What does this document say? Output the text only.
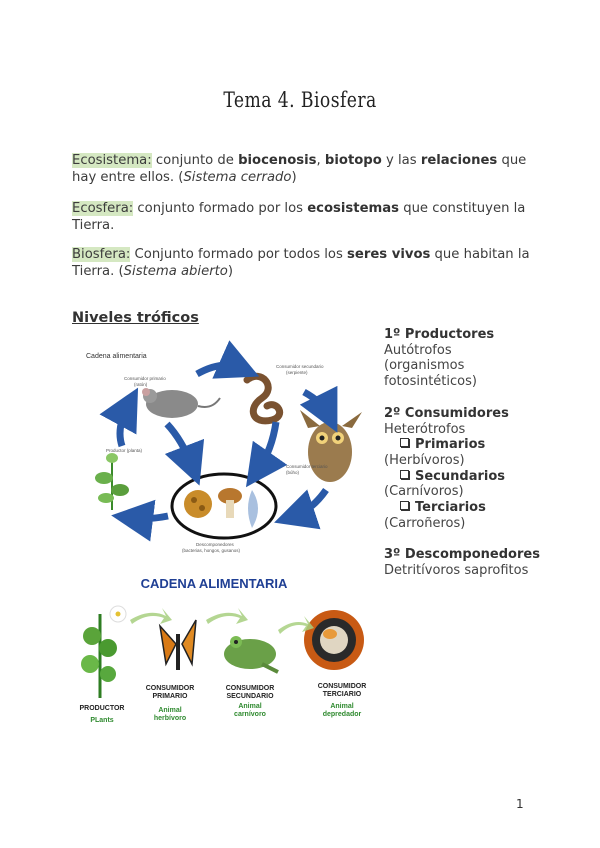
Tema 4. Biosfera
Ecosistema: conjunto de biocenosis, biotopo y las relaciones que hay entre ellos. (Sistema cerrado)
Ecosfera: conjunto formado por los ecosistemas que constituyen la Tierra.
Biosfera: Conjunto formado por todos los seres vivos que habitan la Tierra. (Sistema abierto)
Niveles tróficos
1º Productores
Autótrofos
(organismos
fotosintéticos)
2º Consumidores
Heterótrofos
Primarios
(Herbívoros)
Secundarios
(Carnívoros)
Terciarios
(Carroñeros)
3º Descomponedores
Detritívoros saprofitos
Cadena alimentaria
Consumidor primario
(ratón)
Consumidor secundario
(serpiente)
Consumidor terciario
(búho)
Productor (planta)
Descomponedores
(bacterias, hongos, gusanos)
CADENA ALIMENTARIA
PRODUCTOR
CONSUMIDOR
PRIMARIO
CONSUMIDOR
SECUNDARIO
CONSUMIDOR
TERCIARIO
PLants
Animal
herbívoro
Animal
carnívoro
Animal
depredador
1
